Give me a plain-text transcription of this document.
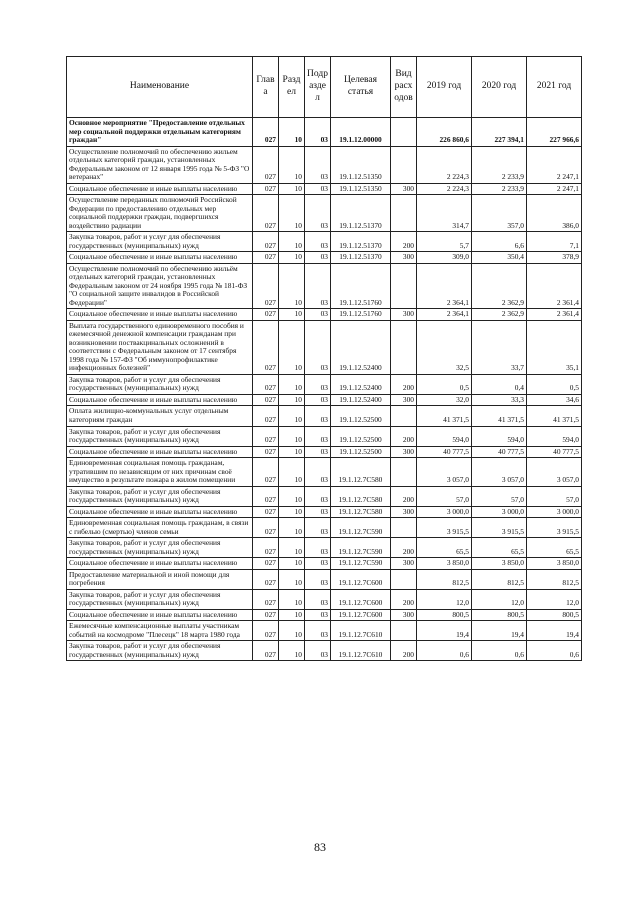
Наименование	Глава	Раздел	Подраздел	Целевая статья	Вид расходов	2019 год	2020 год	2021 год
Основное мероприятие "Предоставление отдельных мер социальной поддержки отдельным категориям граждан"	027	10	03	19.1.12.00000		226 860,6	227 394,1	227 966,6
Осуществление полномочий по обеспечению жильем отдельных категорий граждан, установленных Федеральным законом от 12 января 1995 года № 5-ФЗ "О ветеранах"	027	10	03	19.1.12.51350		2 224,3	2 233,9	2 247,1
Социальное обеспечение и иные выплаты населению	027	10	03	19.1.12.51350	300	2 224,3	2 233,9	2 247,1
Осуществление переданных полномочий Российской Федерации по предоставлению отдельных мер социальной поддержки граждан, подвергшихся воздействию радиации	027	10	03	19.1.12.51370		314,7	357,0	386,0
Закупка товаров, работ и услуг для обеспечения государственных (муниципальных) нужд	027	10	03	19.1.12.51370	200	5,7	6,6	7,1
Социальное обеспечение и иные выплаты населению	027	10	03	19.1.12.51370	300	309,0	350,4	378,9
Осуществление полномочий по обеспечению жильём отдельных категорий граждан, установленных Федеральным законом от 24 ноября 1995 года № 181-ФЗ "О социальной защите инвалидов в Российской Федерации"	027	10	03	19.1.12.51760		2 364,1	2 362,9	2 361,4
Социальное обеспечение и иные выплаты населению	027	10	03	19.1.12.51760	300	2 364,1	2 362,9	2 361,4
Выплата государственного единовременного пособия и ежемесячной денежной компенсации гражданам при возникновении поствакцинальных осложнений в соответствии с Федеральным законом от 17 сентября 1998 года № 157-ФЗ "Об иммунопрофилактике инфекционных болезней"	027	10	03	19.1.12.52400		32,5	33,7	35,1
Закупка товаров, работ и услуг для обеспечения государственных (муниципальных) нужд	027	10	03	19.1.12.52400	200	0,5	0,4	0,5
Социальное обеспечение и иные выплаты населению	027	10	03	19.1.12.52400	300	32,0	33,3	34,6
Оплата жилищно-коммунальных услуг отдельным категориям граждан	027	10	03	19.1.12.52500		41 371,5	41 371,5	41 371,5
Закупка товаров, работ и услуг для обеспечения государственных (муниципальных) нужд	027	10	03	19.1.12.52500	200	594,0	594,0	594,0
Социальное обеспечение и иные выплаты населению	027	10	03	19.1.12.52500	300	40 777,5	40 777,5	40 777,5
Единовременная социальная помощь гражданам, утратившим по независящим от них причинам своё имущество в результате пожара в жилом помещении	027	10	03	19.1.12.7С580		3 057,0	3 057,0	3 057,0
Закупка товаров, работ и услуг для обеспечения государственных (муниципальных) нужд	027	10	03	19.1.12.7С580	200	57,0	57,0	57,0
Социальное обеспечение и иные выплаты населению	027	10	03	19.1.12.7С580	300	3 000,0	3 000,0	3 000,0
Единовременная социальная помощь гражданам, в связи с гибелью (смертью) членов семьи	027	10	03	19.1.12.7С590		3 915,5	3 915,5	3 915,5
Закупка товаров, работ и услуг для обеспечения государственных (муниципальных) нужд	027	10	03	19.1.12.7С590	200	65,5	65,5	65,5
Социальное обеспечение и иные выплаты населению	027	10	03	19.1.12.7С590	300	3 850,0	3 850,0	3 850,0
Предоставление материальной и иной помощи для погребения	027	10	03	19.1.12.7С600		812,5	812,5	812,5
Закупка товаров, работ и услуг для обеспечения государственных (муниципальных) нужд	027	10	03	19.1.12.7С600	200	12,0	12,0	12,0
Социальное обеспечение и иные выплаты населению	027	10	03	19.1.12.7С600	300	800,5	800,5	800,5
Ежемесячные компенсационные выплаты участникам событий на космодроме "Плесецк" 18 марта 1980 года	027	10	03	19.1.12.7С610		19,4	19,4	19,4
Закупка товаров, работ и услуг для обеспечения государственных (муниципальных) нужд	027	10	03	19.1.12.7С610	200	0,6	0,6	0,6
83
